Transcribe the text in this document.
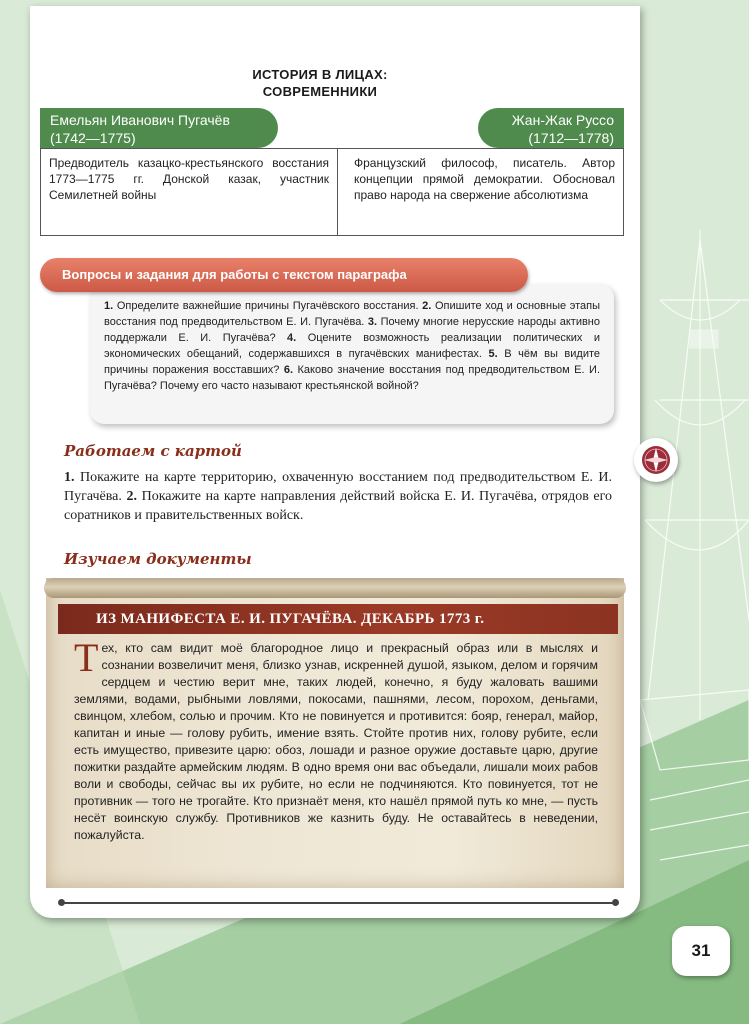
ИСТОРИЯ В ЛИЦАХ:
СОВРЕМЕННИКИ
Емельян Иванович Пугачёв
(1742—1775)
Жан-Жак Руссо
(1712—1778)
Предводитель казацко-крестьянского восстания 1773—1775 гг. Донской казак, участник Семилетней войны
Французский философ, писатель. Автор концепции прямой демократии. Обосновал право народа на свержение абсолютизма
1. Определите важнейшие причины Пугачёвского восстания. 2. Опишите ход и основные этапы восстания под предводительством Е. И. Пугачёва. 3. Почему многие нерусские народы активно поддержали Е. И. Пугачёва? 4. Оцените возможность реализации политических и экономических обещаний, содержавшихся в пугачёвских манифестах. 5. В чём вы видите причины поражения восставших? 6. Каково значение восстания под предводительством Е. И. Пугачёва? Почему его часто называют крестьянской войной?
Вопросы и задания для работы с текстом параграфа
Работаем с картой
1. Покажите на карте территорию, охваченную восстанием под предводительством Е. И. Пугачёва. 2. Покажите на карте направления действий войска Е. И. Пугачёва, отрядов его соратников и правительственных войск.
Изучаем документы
ИЗ МАНИФЕСТА Е. И. ПУГАЧЁВА. ДЕКАБРЬ 1773 г.
Тех, кто сам видит моё благородное лицо и прекрасный образ или в мыслях и сознании возвеличит меня, близко узнав, искренней душой, языком, делом и горячим сердцем и честию верит мне, таких людей, конечно, я буду жаловать вашими землями, водами, рыбными ловлями, покосами, пашнями, лесом, порохом, деньгами, свинцом, хлебом, солью и прочим. Кто не повинуется и противится: бояр, генерал, майор, капитан и иные — голову рубить, имение взять. Стойте против них, голову рубите, если есть имущество, привезите царю: обоз, лошади и разное оружие доставьте царю, другие пожитки раздайте армейским людям. В одно время они вас объедали, лишали моих рабов воли и свободы, сейчас вы их рубите, но если не подчиняются. Кто повинуется, тот не противник — того не трогайте. Кто признаёт меня, кто нашёл прямой путь ко мне, — пусть несёт воинскую службу. Противников же казнить буду. Не оставайтесь в неведении, пожалуйста.
31
